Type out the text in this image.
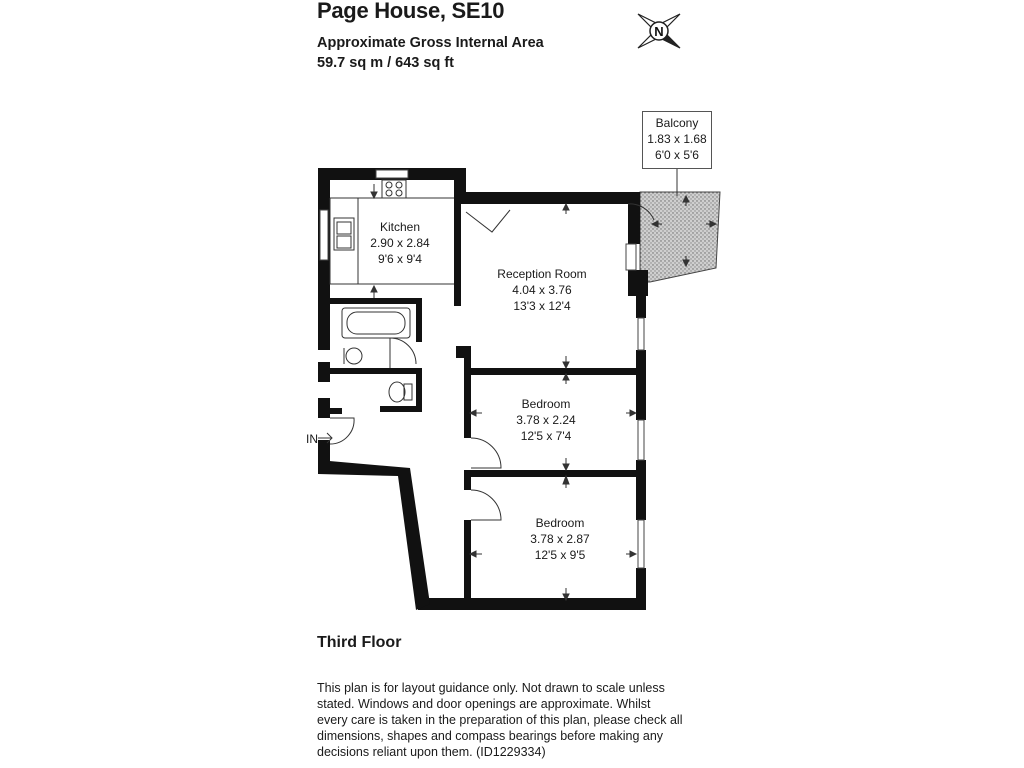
Page House, SE10
Approximate Gross Internal Area
59.7 sq m / 643 sq ft
N
Balcony
1.83 x 1.68
6'0 x 5'6
Kitchen
2.90 x 2.84
9'6 x 9'4
Reception Room
4.04 x 3.76
13'3 x 12'4
Bedroom
3.78 x 2.24
12'5 x 7'4
Bedroom
3.78 x 2.87
12'5 x 9'5
IN
Third Floor
This plan is for layout guidance only. Not drawn to scale unless
stated. Windows and door openings are approximate. Whilst
every care is taken in the preparation of this plan, please check all
dimensions, shapes and compass bearings before making any
decisions reliant upon them. (ID1229334)
